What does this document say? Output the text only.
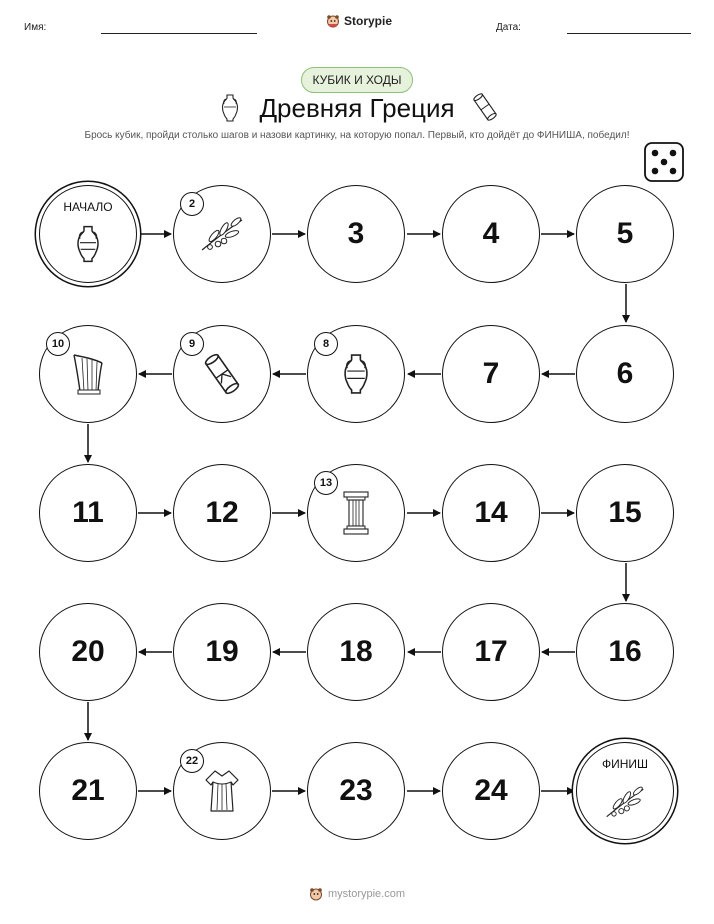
Имя:	Storypie	Дата:
КУБИК И ХОДЫ
Древняя Греция
Брось кубик, пройди столько шагов и назови картинку, на которую попал. Первый, кто дойдёт до ФИНИША, победил!
НАЧАЛО	2
3	4	5
10	9	8
7	6
11	12
13
14	15
20	19	18	17	16
21
22
23	24
ФИНИШ
mystorypie.com
